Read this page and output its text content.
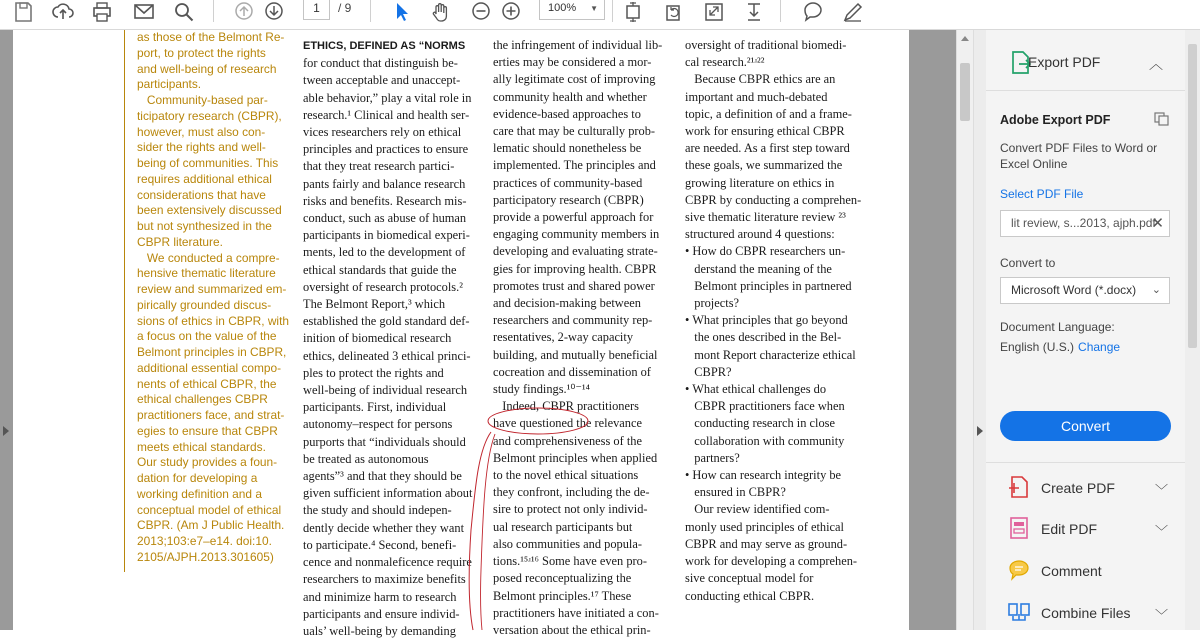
1	/ 9	100% ▼

as those of the Belmont Re-

port, to protect the rights

and well-being of research

participants.

Community-based par-

ticipatory research (CBPR),

however, must also con-

sider the rights and well-

being of communities. This

requires additional ethical

considerations that have

been extensively discussed

but not synthesized in the

CBPR literature.

We conducted a compre-

hensive thematic literature

review and summarized em-

pirically grounded discus-

sions of ethics in CBPR, with

a focus on the value of the

Belmont principles in CBPR,

additional essential compo-

nents of ethical CBPR, the

ethical challenges CBPR

practitioners face, and strat-

egies to ensure that CBPR

meets ethical standards.

Our study provides a foun-

dation for developing a

working definition and a

conceptual model of ethical

CBPR. (Am J Public Health.

2013;103:e7–e14. doi:10.

2105/AJPH.2013.301605)

ETHICS, DEFINED AS “NORMS

for conduct that distinguish be-

tween acceptable and unaccept-

able behavior,” play a vital role in

research.¹ Clinical and health ser-

vices researchers rely on ethical

principles and practices to ensure

that they treat research partici-

pants fairly and balance research

risks and benefits. Research mis-

conduct, such as abuse of human

participants in biomedical experi-

ments, led to the development of

ethical standards that guide the

oversight of research protocols.²

The Belmont Report,³ which

established the gold standard def-

inition of biomedical research

ethics, delineated 3 ethical princi-

ples to protect the rights and

well-being of individual research

participants. First, individual

autonomy–respect for persons

purports that “individuals should

be treated as autonomous

agents”³ and that they should be

given sufficient information about

the study and should indepen-

dently decide whether they want

to participate.⁴ Second, benefi-

cence and nonmaleficence require

researchers to maximize benefits

and minimize harm to research

participants and ensure individ-

uals’ well-being by demanding

the infringement of individual lib-

erties may be considered a mor-

ally legitimate cost of improving

community health and whether

evidence-based approaches to

care that may be culturally prob-

lematic should nonetheless be

implemented. The principles and

practices of community-based

participatory research (CBPR)

provide a powerful approach for

engaging community members in

developing and evaluating strate-

gies for improving health. CBPR

promotes trust and shared power

and decision-making between

researchers and community rep-

resentatives, 2-way capacity

building, and mutually beneficial

cocreation and dissemination of

study findings.¹⁰⁻¹⁴

Indeed, CBPR practitioners

have questioned the relevance

and comprehensiveness of the

Belmont principles when applied

to the novel ethical situations

they confront, including the de-

sire to protect not only individ-

ual research participants but

also communities and popula-

tions.¹⁵ʴ¹⁶ Some have even pro-

posed reconceptualizing the

Belmont principles.¹⁷ These

practitioners have initiated a con-

versation about the ethical prin-

oversight of traditional biomedi-

cal research.²¹ʴ²²

Because CBPR ethics are an

important and much-debated

topic, a definition of and a frame-

work for ensuring ethical CBPR

are needed. As a first step toward

these goals, we summarized the

growing literature on ethics in

CBPR by conducting a comprehen-

sive thematic literature review ²³

structured around 4 questions:

• How do CBPR researchers un-

derstand the meaning of the

Belmont principles in partnered

projects?

• What principles that go beyond

the ones described in the Bel-

mont Report characterize ethical

CBPR?

• What ethical challenges do

CBPR practitioners face when

conducting research in close

collaboration with community

partners?

• How can research integrity be

ensured in CBPR?

Our review identified com-

monly used principles of ethical

CBPR and may serve as ground-

work for developing a comprehen-

sive conceptual model for

conducting ethical CBPR.

Export PDF	︿
Adobe Export PDF
Convert PDF Files to Word or Excel Online
Select PDF File
lit review, s...2013, ajph.pdf
✕
Convert to
Microsoft Word (*.docx) ⌄
Document Language:
English (U.S.) Change
Convert
Create PDF	﹀
Edit PDF	﹀
Comment
Combine Files ﹀
